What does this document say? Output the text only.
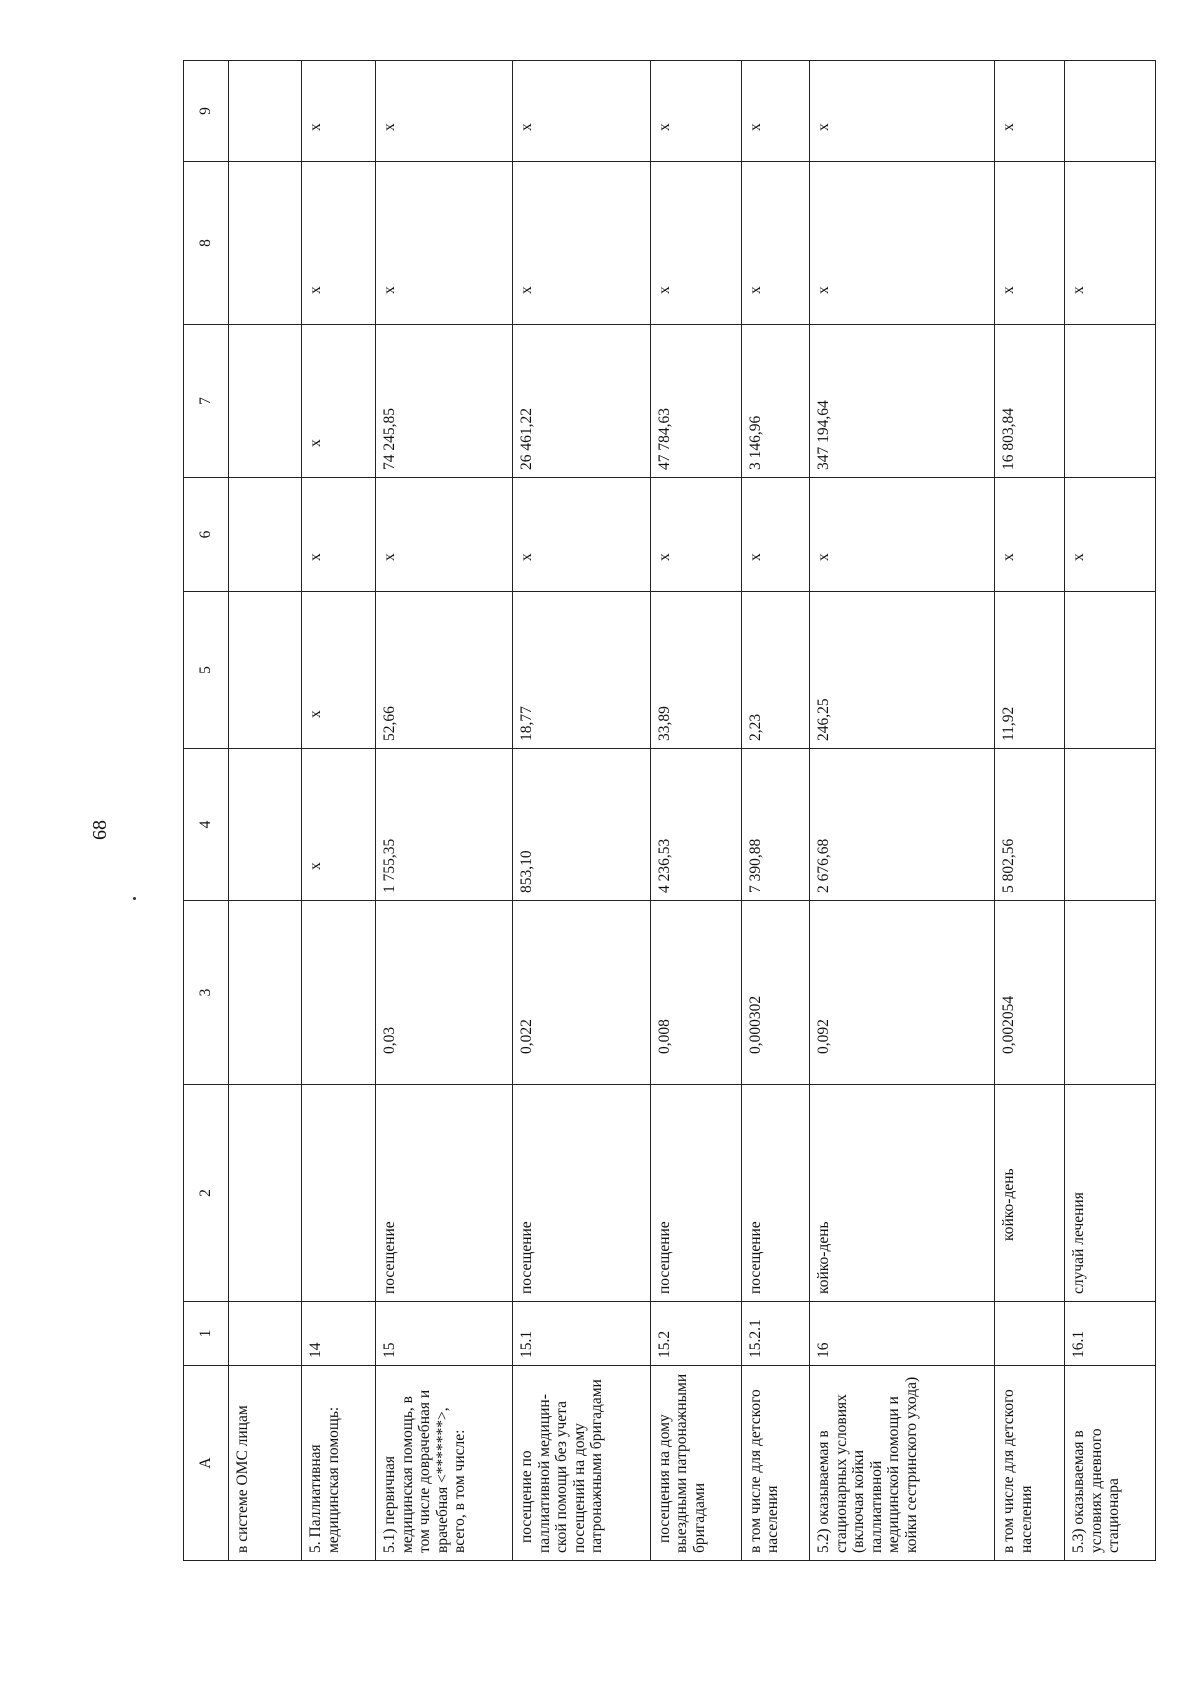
68
А	1	2	3	4	5	6	7	8	9
в системе ОМС лицам									
5. Паллиативная медицинская помощь:	14			x	x	x	x	x	x
5.1) первичная медицинская помощь, в том числе доврачебная и врачебная <*******>, всего, в том числе:	15	посещение	0,03	1 755,35	52,66	x	74 245,85	x	x
посещение по паллиативной медицин-ской помощи без учета посещений на дому патронажными бригадами	15.1	посещение	0,022	853,10	18,77	x	26 461,22	x	x
посещения на дому выездными патронажными бригадами	15.2	посещение	0,008	4 236,53	33,89	x	47 784,63	x	x
в том числе для детского населения	15.2.1	посещение	0,000302	7 390,88	2,23	x	3 146,96	x	x
5.2) оказываемая в стационарных условиях (включая койки паллиативной медицинской помощи и койки сестринского ухода)	16	койко-день	0,092	2 676,68	246,25	x	347 194,64	x	x
в том числе для детского населения		койко-день	0,002054	5 802,56	11,92	x	16 803,84	x	x
5.3) оказываемая в условиях дневного стационара	16.1	случай лечения				x		x	
